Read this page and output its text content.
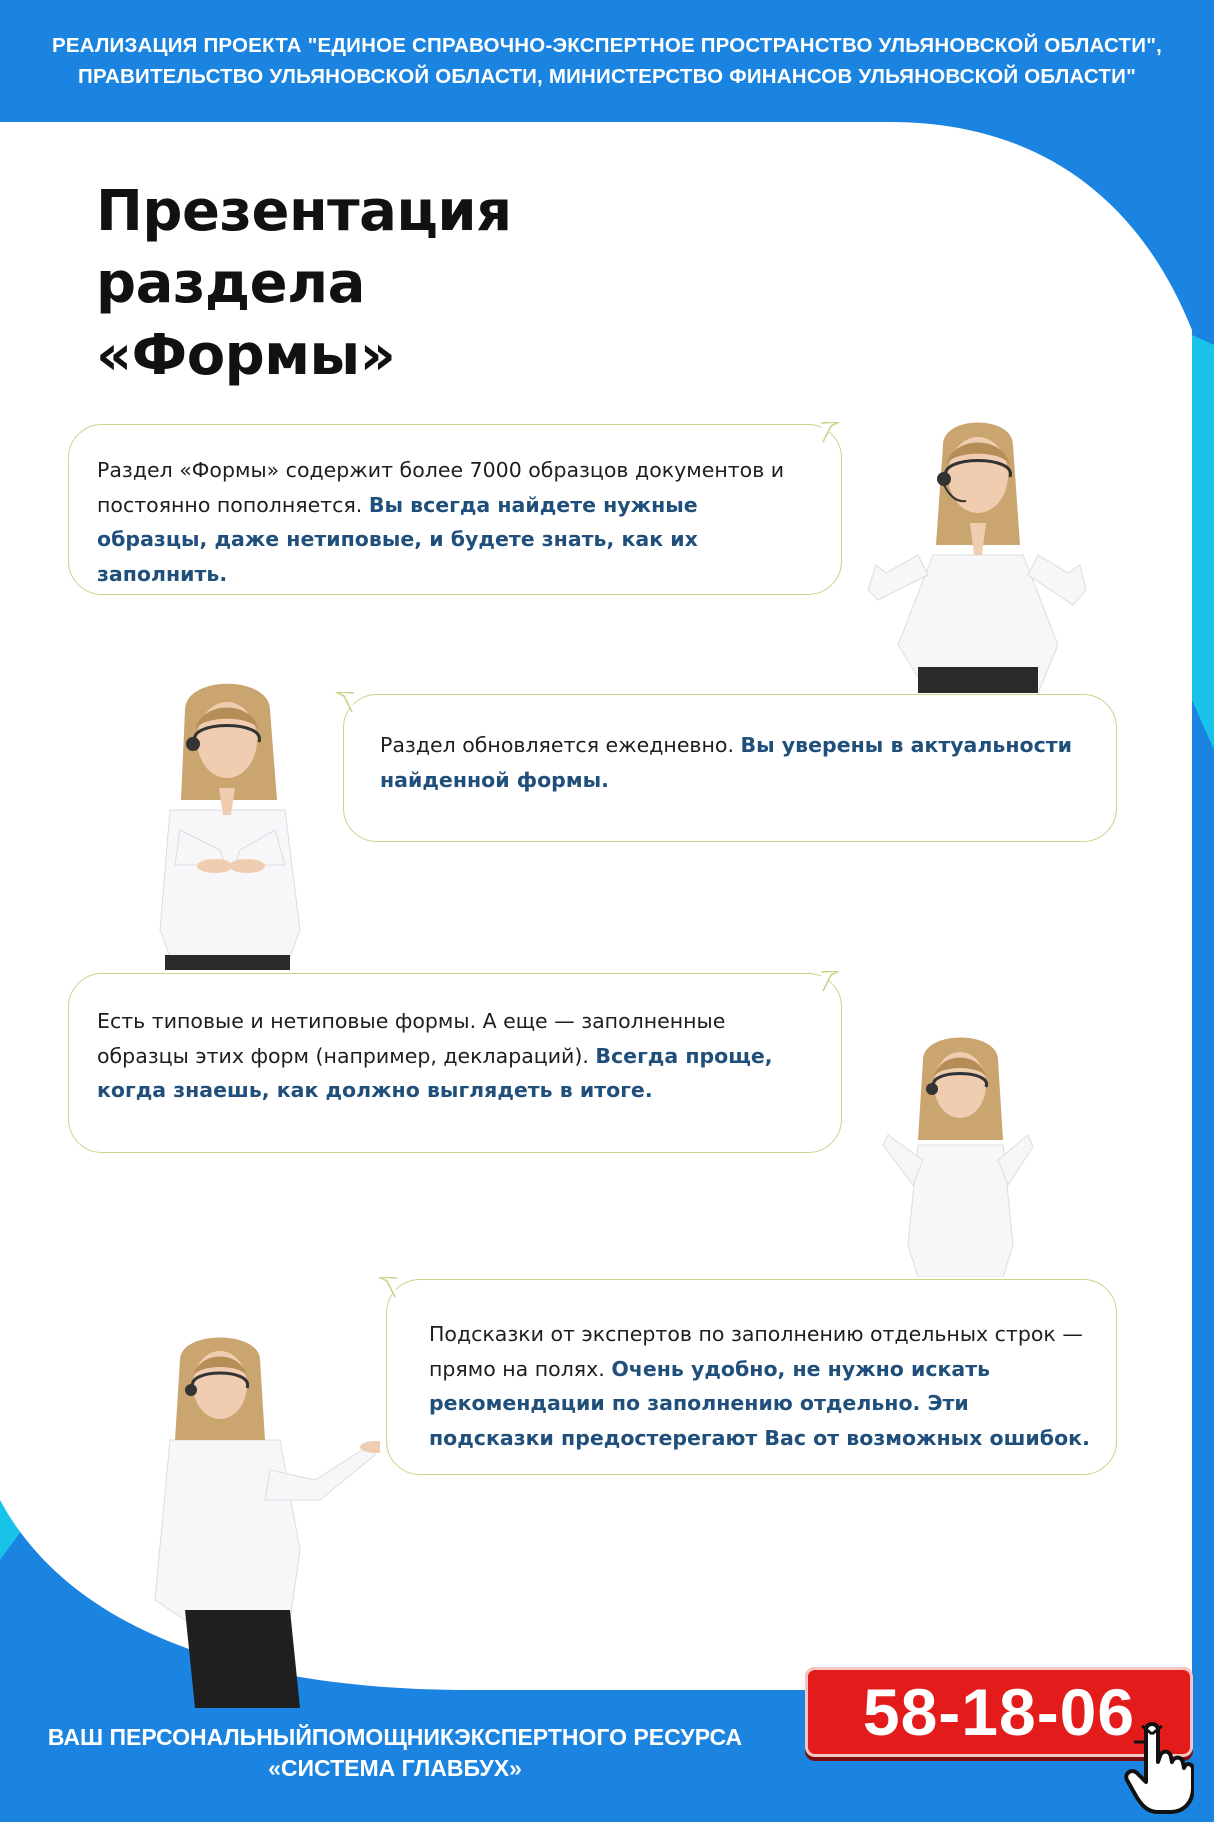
РЕАЛИЗАЦИЯ ПРОЕКТА "ЕДИНОЕ СПРАВОЧНО-ЭКСПЕРТНОЕ ПРОСТРАНСТВО УЛЬЯНОВСКОЙ ОБЛАСТИ",
ПРАВИТЕЛЬСТВО УЛЬЯНОВСКОЙ ОБЛАСТИ, МИНИСТЕРСТВО ФИНАНСОВ УЛЬЯНОВСКОЙ ОБЛАСТИ"
Презентация раздела
«Формы»
Раздел «Формы» содержит более 7000 образцов документов и постоянно пополняется. Вы всегда найдете нужные образцы, даже нетиповые, и будете знать, как их заполнить.
Раздел обновляется ежедневно. Вы уверены в актуальности найденной формы.
Есть типовые и нетиповые формы. А еще — заполненные образцы этих форм (например, деклараций). Всегда проще, когда знаешь, как должно выглядеть в итоге.
Подсказки от экспертов по заполнению отдельных строк — прямо на полях. Очень удобно, не нужно искать рекомендации по заполнению отдельно. Эти подсказки предостерегают Вас от возможных ошибок.
ВАШ ПЕРСОНАЛЬНЫЙПОМОЩНИКЭКСПЕРТНОГО РЕСУРСА
«СИСТЕМА ГЛАВБУХ»
58-18-06
